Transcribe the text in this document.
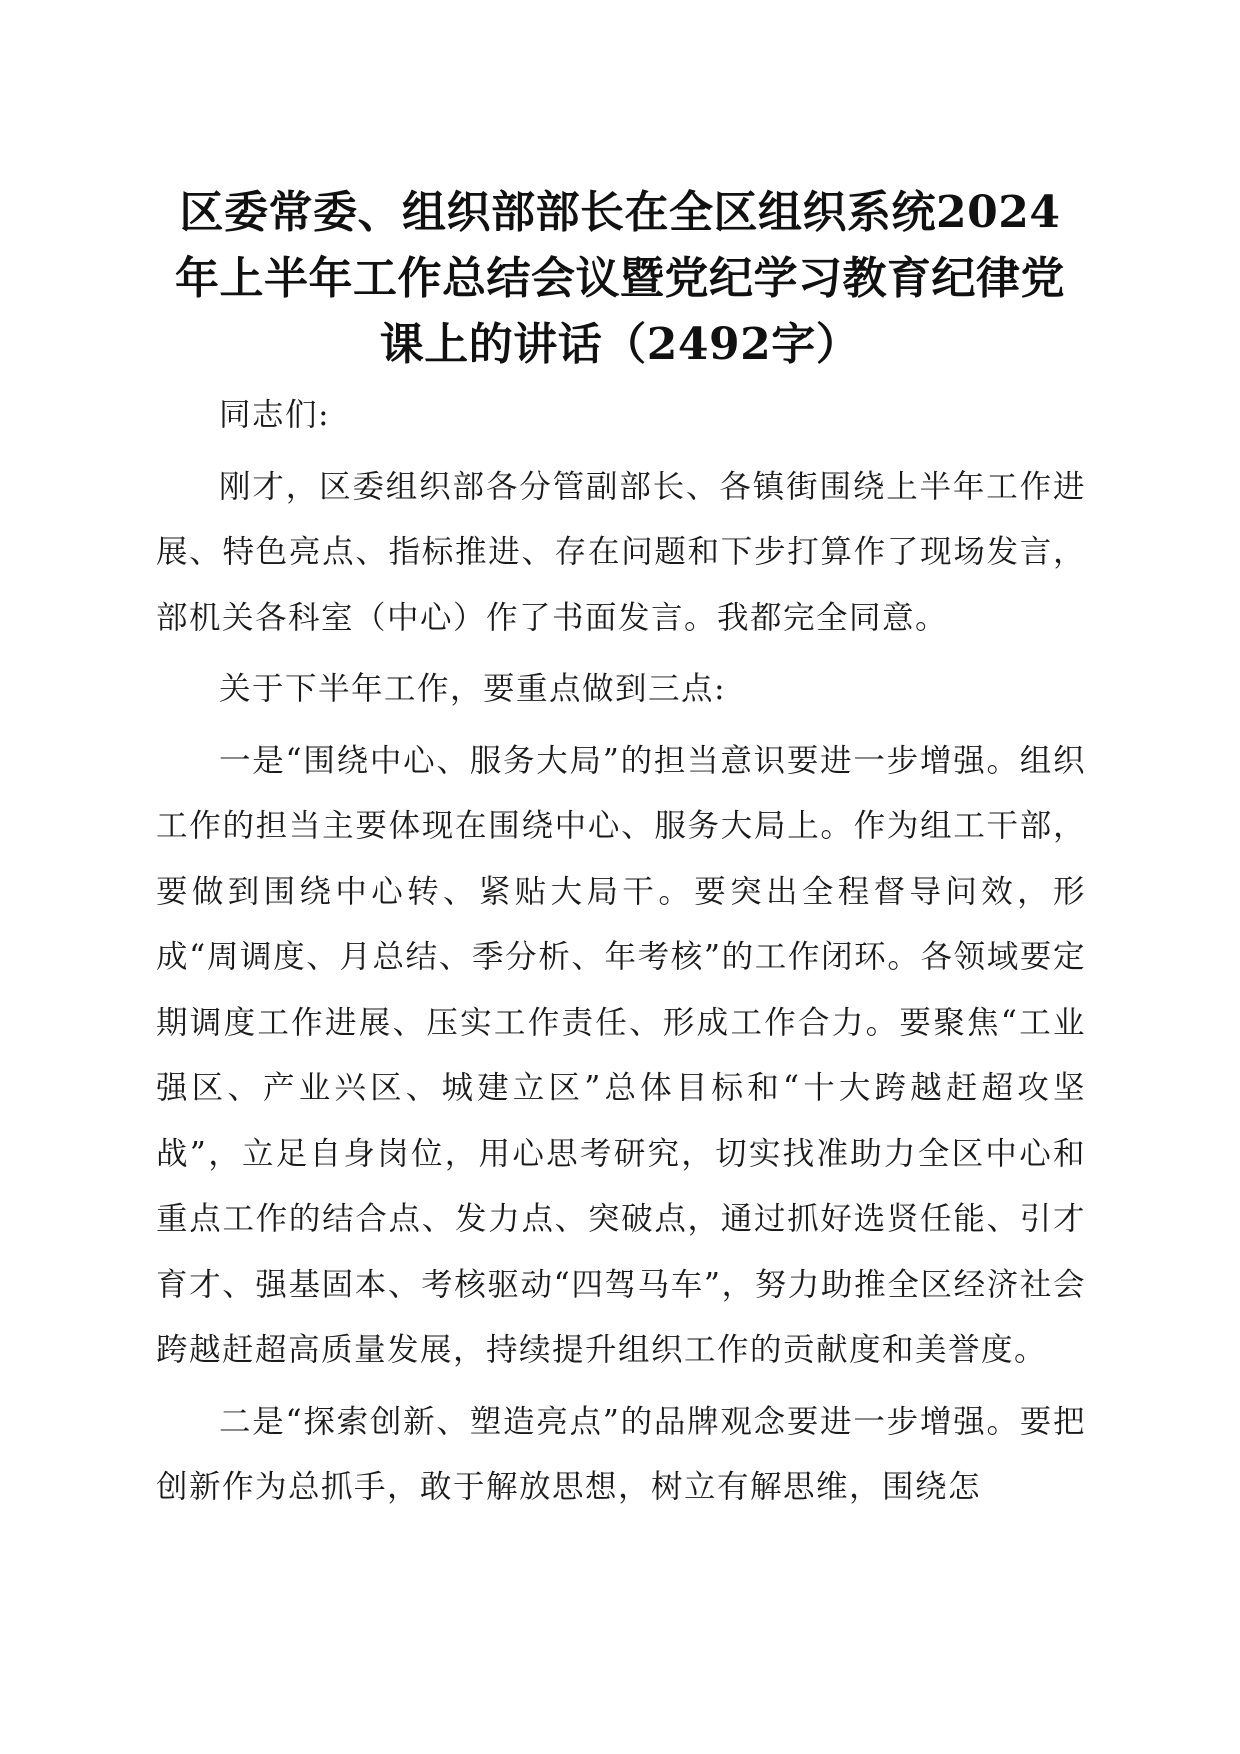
区委常委、组织部部长在全区组织系统2024
年上半年工作总结会议暨党纪学习教育纪律党
课上的讲话（2492字）

同志们:

刚才，区委组织部各分管副部长、各镇街围绕上半年工作进展、特色亮点、指标推进、存在问题和下步打算作了现场发言，部机关各科室（中心）作了书面发言。我都完全同意。

关于下半年工作，要重点做到三点:

一是“围绕中心、服务大局”的担当意识要进一步增强。组织工作的担当主要体现在围绕中心、服务大局上。作为组工干部，要做到围绕中心转、紧贴大局干。要突出全程督导问效，形成“周调度、月总结、季分析、年考核”的工作闭环。各领域要定期调度工作进展、压实工作责任、形成工作合力。要聚焦“工业强区、产业兴区、城建立区”总体目标和“十大跨越赶超攻坚战”，立足自身岗位，用心思考研究，切实找准助力全区中心和重点工作的结合点、发力点、突破点，通过抓好选贤任能、引才育才、强基固本、考核驱动“四驾马车”，努力助推全区经济社会跨越赶超高质量发展，持续提升组织工作的贡献度和美誉度。

二是“探索创新、塑造亮点”的品牌观念要进一步增强。要把创新作为总抓手，敢于解放思想，树立有解思维，围绕怎
